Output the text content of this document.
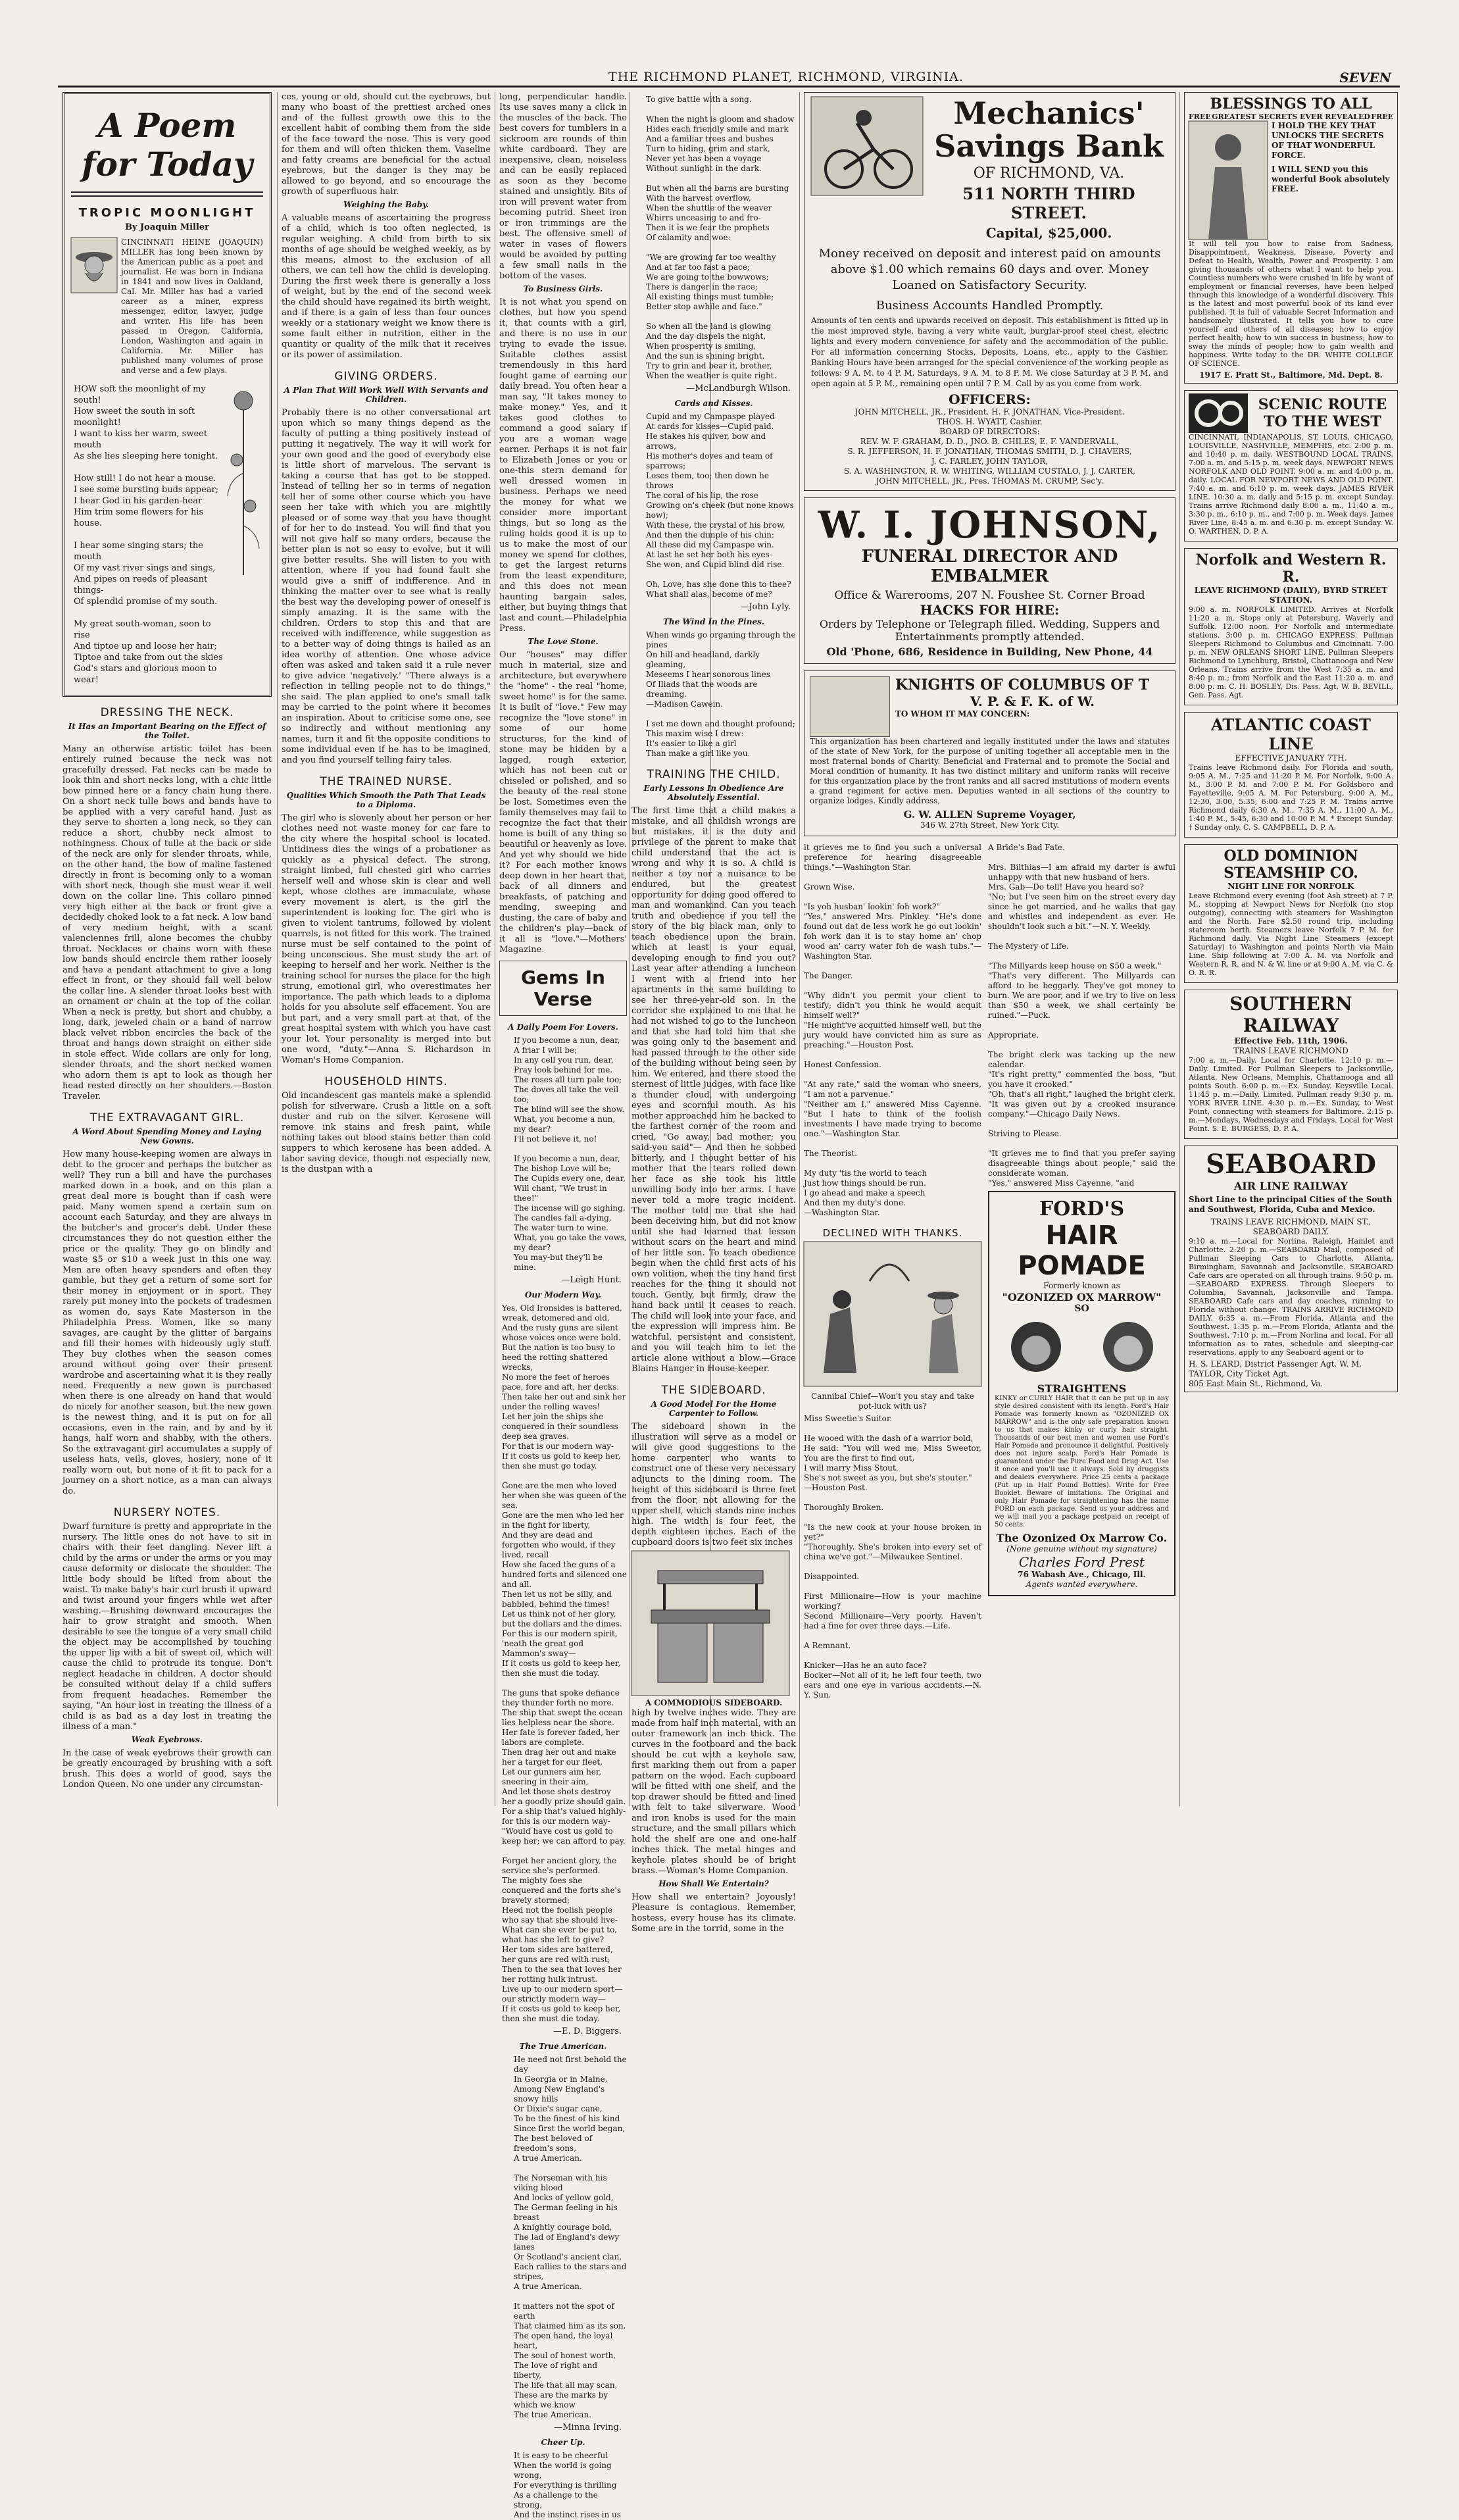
THE RICHMOND PLANET, RICHMOND, VIRGINIA.	SEVEN
A Poem for Today
TROPIC MOONLIGHT
By Joaquin Miller
CINCINNATI HEINE (JOAQUIN) MILLER has long been known by the American public as a poet and journalist. He was born in Indiana in 1841 and now lives in Oakland, Cal. Mr. Miller has had a varied career as a miner, express messenger, editor, lawyer, judge and writer. His life has been passed in Oregon, California, London, Washington and again in California. Mr. Miller has published many volumes of prose and verse and a few plays.
HOW soft the moonlight of my south!
How sweet the south in soft moonlight!
I want to kiss her warm, sweet mouth
As she lies sleeping here tonight.

How still! I do not hear a mouse.
I see some bursting buds appear;
I hear God in his garden-hear
Him trim some flowers for his house.

I hear some singing stars; the mouth
Of my vast river sings and sings,
And pipes on reeds of pleasant things-
Of splendid promise of my south.

My great south-woman, soon to rise
And tiptoe up and loose her hair;
Tiptoe and take from out the skies
God's stars and glorious moon to wear!
DRESSING THE NECK.
It Has an Important Bearing on the Effect of the Toilet.

Many an otherwise artistic toilet has been entirely ruined because the neck was not gracefully dressed. Fat necks can be made to look thin and short necks long, with a chic little bow pinned here or a fancy chain hung there. On a short neck tulle bows and bands have to be applied with a very careful hand. Just as they serve to shorten a long neck, so they can reduce a short, chubby neck almost to nothingness. Choux of tulle at the back or side of the neck are only for slender throats, while, on the other hand, the bow of maline fastened directly in front is becoming only to a woman with short neck, though she must wear it well down on the collar line. This collaro pinned very high either at the back or front give a decidedly choked look to a fat neck. A low band of very medium height, with a scant valenciennes frill, alone becomes the chubby throat. Necklaces or chains worn with these low bands should encircle them rather loosely and have a pendant attachment to give a long effect in front, or they should fall well below the collar line. A slender throat looks best with an ornament or chain at the top of the collar. When a neck is pretty, but short and chubby, a long, dark, jeweled chain or a band of narrow black velvet ribbon encircles the back of the throat and hangs down straight on either side in stole effect. Wide collars are only for long, slender throats, and the short necked women who adorn them is apt to look as though her head rested directly on her shoulders.—Boston Traveler.

THE EXTRAVAGANT GIRL.
A Word About Spending Money and Laying New Gowns.

How many house-keeping women are always in debt to the grocer and perhaps the butcher as well? They run a bill and have the purchases marked down in a book, and on this plan a great deal more is bought than if cash were paid. Many women spend a certain sum on account each Saturday, and they are always in the butcher's and grocer's debt. Under these circumstances they do not question either the price or the quality. They go on blindly and waste $5 or $10 a week just in this one way. Men are often heavy spenders and often they gamble, but they get a return of some sort for their money in enjoyment or in sport. They rarely put money into the pockets of tradesmen as women do, says Kate Masterson in the Philadelphia Press. Women, like so many savages, are caught by the glitter of bargains and fill their homes with hideously ugly stuff. They buy clothes when the season comes around without going over their present wardrobe and ascertaining what it is they really need. Frequently a new gown is purchased when there is one already on hand that would do nicely for another season, but the new gown is the newest thing, and it is put on for all occasions, even in the rain, and by and by it hangs, half worn and shabby, with the others. So the extravagant girl accumulates a supply of useless hats, veils, gloves, hosiery, none of it really worn out, but none of it fit to pack for a journey on a short notice, as a man can always do.

NURSERY NOTES.

Dwarf furniture is pretty and appropriate in the nursery. The little ones do not have to sit in chairs with their feet dangling. Never lift a child by the arms or under the arms or you may cause deformity or dislocate the shoulder. The little body should be lifted from about the waist. To make baby's hair curl brush it upward and twist around your fingers while wet after washing.—Brushing downward encourages the hair to grow straight and smooth. When desirable to see the tongue of a very small child the object may be accomplished by touching the upper lip with a bit of sweet oil, which will cause the child to protrude its tongue. Don't neglect headache in children. A doctor should be consulted without delay if a child suffers from frequent headaches. Remember the saying, "An hour lost in treating the illness of a child is as bad as a day lost in treating the illness of a man."

Weak Eyebrows.

In the case of weak eyebrows their growth can be greatly encouraged by brushing with a soft brush. This does a world of good, says the London Queen. No one under any circumstan-

ces, young or old, should cut the eyebrows, but many who boast of the prettiest arched ones and of the fullest growth owe this to the excellent habit of combing them from the side of the face toward the nose. This is very good for them and will often thicken them. Vaseline and fatty creams are beneficial for the actual eyebrows, but the danger is they may be allowed to go beyond, and so encourage the growth of superfluous hair.

Weighing the Baby.

A valuable means of ascertaining the progress of a child, which is too often neglected, is regular weighing. A child from birth to six months of age should be weighed weekly, as by this means, almost to the exclusion of all others, we can tell how the child is developing. During the first week there is generally a loss of weight, but by the end of the second week the child should have regained its birth weight, and if there is a gain of less than four ounces weekly or a stationary weight we know there is some fault either in nutrition, either in the quantity or quality of the milk that it receives or its power of assimilation.

GIVING ORDERS.
A Plan That Will Work Well With Servants and Children.

Probably there is no other conversational art upon which so many things depend as the faculty of putting a thing positively instead of putting it negatively. The way it will work for your own good and the good of everybody else is little short of marvelous. The servant is taking a course that has got to be stopped. Instead of telling her so in terms of negation tell her of some other course which you have seen her take with which you are mightily pleased or of some way that you have thought of for her to do instead. You will find that you will not give half so many orders, because the better plan is not so easy to evolve, but it will give better results. She will listen to you with attention, where if you had found fault she would give a sniff of indifference. And in thinking the matter over to see what is really the best way the developing power of oneself is simply amazing. It is the same with the children. Orders to stop this and that are received with indifference, while suggestion as to a better way of doing things is hailed as an idea worthy of attention. One whose advice often was asked and taken said it a rule never to give advice 'negatively.' "There always is a reflection in telling people not to do things," she said. The plan applied to one's small talk may be carried to the point where it becomes an inspiration. About to criticise some one, see so indirectly and without mentioning any names, turn it and fit the opposite conditions to some individual even if he has to be imagined, and you find yourself telling fairy tales.

THE TRAINED NURSE.
Qualities Which Smooth the Path That Leads to a Diploma.

The girl who is slovenly about her person or her clothes need not waste money for car fare to the city where the hospital school is located. Untidiness dies the wings of a probationer as quickly as a physical defect. The strong, straight limbed, full chested girl who carries herself well and whose skin is clear and well kept, whose clothes are immaculate, whose every movement is alert, is the girl the superintendent is looking for. The girl who is given to violent tantrums, followed by violent quarrels, is not fitted for this work. The trained nurse must be self contained to the point of being unconscious. She must study the art of keeping to herself and her work. Neither is the training school for nurses the place for the high strung, emotional girl, who overestimates her importance. The path which leads to a diploma holds for you absolute self effacement. You are but part, and a very small part at that, of the great hospital system with which you have cast your lot. Your personality is merged into but one word, "duty."—Anna S. Richardson in Woman's Home Companion.

HOUSEHOLD HINTS.

Old incandescent gas mantels make a splendid polish for silverware. Crush a little on a soft duster and rub on the silver. Kerosene will remove ink stains and fresh paint, while nothing takes out blood stains better than cold suppers to which kerosene has been added. A labor saving device, though not especially new, is the dustpan with a

long, perpendicular handle. Its use saves many a click in the muscles of the back. The best covers for tumblers in a sickroom are rounds of thin white cardboard. They are inexpensive, clean, noiseless and can be easily replaced as soon as they become stained and unsightly. Bits of iron will prevent water from becoming putrid. Sheet iron or iron trimmings are the best. The offensive smell of water in vases of flowers would be avoided by putting a few small nails in the bottom of the vases.

To Business Girls.

It is not what you spend on clothes, but how you spend it, that counts with a girl, and there is no use in our trying to evade the issue. Suitable clothes assist tremendously in this hard fought game of earning our daily bread. You often hear a man say, "It takes money to make money." Yes, and it takes good clothes to command a good salary if you are a woman wage earner. Perhaps it is not fair to Elizabeth Jones or you or one-this stern demand for well dressed women in business. Perhaps we need the money for what we consider more important things, but so long as the ruling holds good it is up to us to make the most of our money we spend for clothes, to get the largest returns from the least expenditure, and this does not mean haunting bargain sales, either, but buying things that last and count.—Philadelphia Press.

The Love Stone.

Our "houses" may differ much in material, size and architecture, but everywhere the "home" - the real "home, sweet home" is for the same. It is built of "love." Few may recognize the "love stone" in some of our home structures, for the kind of stone may be hidden by a lagged, rough exterior, which has not been cut or chiseled or polished, and so the beauty of the real stone be lost. Sometimes even the family themselves may fail to recognize the fact that their home is built of any thing so beautiful or heavenly as love. And yet why should we hide it? For each mother knows deep down in her heart that, back of all dinners and breakfasts, of patching and mending, sweeping and dusting, the care of baby and the children's play—back of it all is "love."—Mothers' Magazine.

Gems In Verse
A Daily Poem For Lovers.
If you become a nun, dear,
A friar I will be;
In any cell you run, dear,
Pray look behind for me.
The roses all turn pale too;
The doves all take the veil too;
The blind will see the show.
What, you become a nun, my dear?
I'll not believe it, no!

If you become a nun, dear,
The bishop Love will be;
The Cupids every one, dear,
Will chant, "We trust in thee!"
The incense will go sighing,
The candles fall a-dying,
The water turn to wine.
What, you go take the vows, my dear?
You may-but they'll be mine.
—Leigh Hunt.
Our Modern Way.
Yes, Old Ironsides is battered, wreak, detomered and old,
And the rusty guns are silent whose voices once were bold.
But the nation is too busy to heed the rotting shattered wrecks,
No more the feet of heroes pace, fore and aft, her decks.
Then take her out and sink her under the rolling waves!
Let her join the ships she conquered in their soundless deep sea graves.
For that is our modern way-
If it costs us gold to keep her, then she must go today.

Gone are the men who loved her when she was queen of the sea.
Gone are the men who led her in the fight for liberty,
And they are dead and forgotten who would, if they lived, recall
How she faced the guns of a hundred forts and silenced one and all.
Then let us not be silly, and babbled, behind the times!
Let us think not of her glory, but the dollars and the dimes.
For this is our modern spirit, 'neath the great god Mammon's sway—
If it costs us gold to keep her, then she must die today.

The guns that spoke defiance they thunder forth no more.
The ship that swept the ocean lies helpless near the shore.
Her fate is forever faded, her labors are complete.
Then drag her out and make her a target for our fleet,
Let our gunners aim her, sneering in their aim,
And let those shots destroy her a goodly prize should gain.
For a ship that's valued highly-for this is our modern way-
"Would have cost us gold to keep her; we can afford to pay.

Forget her ancient glory, the service she's performed.
The mighty foes she conquered and the forts she's bravely stormed;
Heed not the foolish people who say that she should live-
What can she ever be put to, what has she left to give?
Her tom sides are battered, her guns are red with rust;
Then to the sea that loves her her rotting hulk intrust.
Live up to our modern sport—our strictly modern way—
If it costs us gold to keep her, then she must die today.
—E. D. Biggers.
The True American.
He need not first behold the day
In Georgia or in Maine,
Among New England's snowy hills
Or Dixie's sugar cane,
To be the finest of his kind
Since first the world began,
The best beloved of freedom's sons,
A true American.

The Norseman with his viking blood
And locks of yellow gold,
The German feeling in his breast
A knightly courage bold,
The lad of England's dewy lanes
Or Scotland's ancient clan,
Each rallies to the stars and stripes,
A true American.

It matters not the spot of earth
That claimed him as its son.
The open hand, the loyal heart,
The soul of honest worth,
The love of right and liberty,
The life that all may scan,
These are the marks by which we know
The true American.
—Minna Irving.
Cheer Up.
It is easy to be cheerful
When the world is going wrong,
For everything is thrilling
As a challenge to the strong,
And the instinct rises in us
To give battle with a song.

When the night is gloom and shadow
Hides each friendly smile and mark
And a familiar trees and bushes
Turn to hiding, grim and stark,
Never yet has been a voyage
Without sunlight in the dark.

But when all the barns are bursting
With the harvest overflow,
When the shuttle of the weaver
Whirrs unceasing to and fro-
Then it is we fear the prophets
Of calamity and woe:

"We are growing far too wealthy
And at far too fast a pace;
We are going to the bowwows;
There is danger in the race;
All existing things must tumble;
Better stop awhile and face."

So when all the land is glowing
And the day dispels the night,
When prosperity is smiling,
And the sun is shining bright,
Try to grin and bear it, brother,
When the weather is quite right.
—McLandburgh Wilson.
Cards and Kisses.
Cupid and my Campaspe played
At cards for kisses—Cupid paid.
He stakes his quiver, bow and arrows,
His mother's doves and team of sparrows;
Loses them, too; then down he throws
The coral of his lip, the rose
Growing on's cheek (but none knows how);
With these, the crystal of his brow,
And then the dimple of his chin:
All these did my Campaspe win.
At last he set her both his eyes-
She won, and Cupid blind did rise.

Oh, Love, has she done this to thee?
What shall alas, become of me?
—John Lyly.
The Wind In the Pines.
When winds go organing through the pines
On hill and headland, darkly gleaming,
Meseems I hear sonorous lines
Of Iliads that the woods are dreaming.
—Madison Cawein.

I set me down and thought profound;
This maxim wise I drew:
It's easier to like a girl
Than make a girl like you.
TRAINING THE CHILD.
Early Lessons In Obedience Are Absolutely Essential.

The first time that a child makes a mistake, and all childish wrongs are but mistakes, it is the duty and privilege of the parent to make that child understand that the act is wrong and why it is so. A child is neither a toy nor a nuisance to be endured, but the greatest opportunity for doing good offered to man and womankind. Can you teach truth and obedience if you tell the story of the big black man, only to teach obedience upon the brain, which at least is your equal, developing enough to find you out? Last year after attending a luncheon I went with a friend into her apartments in the same building to see her three-year-old son. In the corridor she explained to me that he had not wished to go to the luncheon and that she had told him that she was going only to the basement and had passed through to the other side of the building without being seen by him. We entered, and there stood the sternest of little judges, with face like a thunder cloud, with undergoing eyes and scornful mouth. As his mother approached him he backed to the farthest corner of the room and cried, "Go away, bad mother; you said-you said"— And then he sobbed bitterly, and I thought better of his mother that the tears rolled down her face as she took his little unwilling body into her arms. I have never told a more tragic incident. The mother told me that she had been deceiving him, but did not know until she had learned that lesson without scars on the heart and mind of her little son. To teach obedience begin when the child first acts of his own volition, when the tiny hand first reaches for the thing it should not touch. Gently, but firmly, draw the hand back until it ceases to reach. The child will look into your face, and the expression will impress him. Be watchful, persistent and consistent, and you will teach him to let the article alone without a blow.—Grace Blains Hanger in House-keeper.

THE SIDEBOARD.
A Good Model For the Home Carpenter to Follow.

The sideboard shown in the illustration will serve as a model or will give good suggestions to the home carpenter who wants to construct one of these very necessary adjuncts to the dining room. The height of this sideboard is three feet from the floor, not allowing for the upper shelf, which stands nine inches high. The width is four feet, the depth eighteen inches. Each of the cupboard doors is two feet six inches

A COMMODIOUS SIDEBOARD.

high by twelve inches wide. They are made from half inch material, with an outer framework an inch thick. The curves in the footboard and the back should be cut with a keyhole saw, first marking them out from a paper pattern on the wood. Each cupboard will be fitted with one shelf, and the top drawer should be fitted and lined with felt to take silverware. Wood and iron knobs is used for the main structure, and the small pillars which hold the shelf are one and one-half inches thick. The metal hinges and keyhole plates should be of bright brass.—Woman's Home Companion.

How Shall We Entertain?

How shall we entertain? Joyously! Pleasure is contagious. Remember, hostess, every house has its climate. Some are in the torrid, some in the

Mechanics' Savings Bank
OF RICHMOND, VA.
511 NORTH THIRD STREET.
Capital, $25,000.

Money received on deposit and interest paid on amounts above $1.00 which remains 60 days and over. Money Loaned on Satisfactory Security.

Business Accounts Handled Promptly.

Amounts of ten cents and upwards received on deposit. This establishment is fitted up in the most improved style, having a very white vault, burglar-proof steel chest, electric lights and every modern convenience for safety and the accommodation of the public. For all information concerning Stocks, Deposits, Loans, etc., apply to the Cashier. Banking Hours have been arranged for the special convenience of the working people as follows: 9 A. M. to 4 P. M. Saturdays, 9 A. M. to 8 P. M. We close Saturday at 3 P. M. and open again at 5 P. M., remaining open until 7 P. M. Call by as you come from work.

OFFICERS:
JOHN MITCHELL, JR., President. H. F. JONATHAN, Vice-President.
THOS. H. WYATT, Cashier.
BOARD OF DIRECTORS:
REV. W. F. GRAHAM, D. D., JNO. B. CHILES, E. F. VANDERVALL,
S. R. JEFFERSON, H. F. JONATHAN, THOMAS SMITH, D. J. CHAVERS,
J. C. FARLEY, JOHN TAYLOR,
S. A. WASHINGTON, R. W. WHITING, WILLIAM CUSTALO, J. J. CARTER,
JOHN MITCHELL, JR., Pres. THOMAS M. CRUMP, Sec'y.
W. I. JOHNSON,
FUNERAL DIRECTOR AND EMBALMER
Office & Warerooms, 207 N. Foushee St. Corner Broad
HACKS FOR HIRE:
Orders by Telephone or Telegraph filled. Wedding, Suppers and Entertainments promptly attended.
Old 'Phone, 686, Residence in Building, New Phone, 44
KNIGHTS OF COLUMBUS OF T
V. P. & F. K. of W.
TO WHOM IT MAY CONCERN:

This organization has been chartered and legally instituted under the laws and statutes of the state of New York, for the purpose of uniting together all acceptable men in the most fraternal bonds of Charity. Beneficial and Fraternal and to promote the Social and Moral condition of humanity. It has two distinct military and uniform ranks will receive for this organization place by the front ranks and all sacred institutions of modern events a grand regiment for active men. Deputies wanted in all sections of the country to organize lodges. Kindly address,

G. W. ALLEN Supreme Voyager,
346 W. 27th Street, New York City.
it grieves me to find you such a universal preference for hearing disagreeable things."—Washington Star.

Grown Wise.

"Is yoh husban' lookin' foh work?"
"Yes," answered Mrs. Pinkley. "He's done found out dat de less work he go out lookin' foh work dan it is to stay home an' chop wood an' carry water foh de wash tubs."—Washington Star.

The Danger.

"Why didn't you permit your client to testify; didn't you think he would acquit himself well?"
"He might've acquitted himself well, but the jury would have convicted him as sure as preaching."—Houston Post.

Honest Confession.

"At any rate," said the woman who sneers, "I am not a parvenue."
"Neither am I," answered Miss Cayenne. "But I hate to think of the foolish investments I have made trying to become one."—Washington Star.

The Theorist.

My duty 'tis the world to teach
Just how things should be run.
I go ahead and make a speech
And then my duty's done.
—Washington Star.
DECLINED WITH THANKS.

Cannibal Chief—Won't you stay and take pot-luck with us?

Miss Sweetie's Suitor.

He wooed with the dash of a warrior bold,
He said: "You will wed me, Miss Sweetor, You are the first to find out,
I will marry Miss Stout.
She's not sweet as you, but she's stouter."
—Houston Post.

Thoroughly Broken.

"Is the new cook at your house broken in yet?"
"Thoroughly. She's broken into every set of china we've got."—Milwaukee Sentinel.

Disappointed.

First Millionaire—How is your machine working?
Second Millionaire—Very poorly. Haven't had a fine for over three days.—Life.

A Remnant.

Knicker—Has he an auto face?
Bocker—Not all of it; he left four teeth, two ears and one eye in various accidents.—N. Y. Sun.
A Bride's Bad Fate.

Mrs. Bilthias—I am afraid my darter is awful unhappy with that new husband of hers.
Mrs. Gab—Do tell! Have you heard so?
"No; but I've seen him on the street every day since he got married, and he walks that gay and whistles and independent as ever. He shouldn't look such a bit."—N. Y. Weekly.

The Mystery of Life.

"The Millyards keep house on $50 a week."
"That's very different. The Millyards can afford to be beggarly. They've got money to burn. We are poor, and if we try to live on less than $50 a week, we shall certainly be ruined."—Puck.

Appropriate.

The bright clerk was tacking up the new calendar.
"It's right pretty," commented the boss, "but you have it crooked."
"Oh, that's all right," laughed the bright clerk. "It was given out by a crooked insurance company."—Chicago Daily News.

Striving to Please.

"It grieves me to find that you prefer saying disagreeable things about people," said the considerate woman.
"Yes," answered Miss Cayenne, "and
FORD'S
HAIR POMADE
Formerly known as
"OZONIZED OX MARROW"
SO
STRAIGHTENS

KINKY or CURLY HAIR that it can be put up in any style desired consistent with its length. Ford's Hair Pomade was formerly known as "OZONIZED OX MARROW" and is the only safe preparation known to us that makes kinky or curly hair straight. Thousands of our best men and women use Ford's Hair Pomade and pronounce it delightful. Positively does not injure scalp. Ford's Hair Pomade is guaranteed under the Pure Food and Drug Act. Use it once and you'll use it always. Sold by druggists and dealers everywhere. Price 25 cents a package (Put up in Half Pound Bottles). Write for Free Booklet. Beware of imitations. The Original and only Hair Pomade for straightening has the name FORD on each package. Send us your address and we will mail you a package postpaid on receipt of 50 cents.

The Ozonized Ox Marrow Co.
(None genuine without my signature)
Charles Ford Prest
76 Wabash Ave., Chicago, Ill.
Agents wanted everywhere.
BLESSINGS TO ALL
FREE GREATEST SECRETS EVER REVEALED FREE
I HOLD THE KEY THAT UNLOCKS THE SECRETS OF THAT WONDERFUL FORCE.
I WILL SEND you this wonderful Book absolutely FREE.

It will tell you how to raise from Sadness, Disappointment, Weakness, Disease, Poverty and Defeat to Health, Wealth, Power and Prosperity. I am giving thousands of others what I want to help you. Countless numbers who were crushed in life by want of employment or financial reverses, have been helped through this knowledge of a wonderful discovery. This is the latest and most powerful book of its kind ever published. It is full of valuable Secret Information and handsomely illustrated. It tells you how to cure yourself and others of all diseases; how to enjoy perfect health; how to win success in business; how to sway the minds of people; how to gain wealth and happiness. Write today to the DR. WHITE COLLEGE OF SCIENCE.

1917 E. Pratt St., Baltimore, Md. Dept. 8.
SCENIC ROUTE
TO THE WEST

CINCINNATI, INDIANAPOLIS, ST. LOUIS, CHICAGO, LOUISVILLE, NASHVILLE, MEMPHIS, etc. 2:00 p. m. and 10:40 p. m. daily. WESTBOUND LOCAL TRAINS. 7:00 a. m. and 5:15 p. m. week days. NEWPORT NEWS NORFOLK AND OLD POINT. 9:00 a. m. and 4:00 p. m. daily. LOCAL FOR NEWPORT NEWS AND OLD POINT. 7:40 a. m. and 6:10 p. m. week days. JAMES RIVER LINE. 10:30 a. m. daily and 5:15 p. m. except Sunday. Trains arrive Richmond daily 8:00 a. m., 11:40 a. m., 3:30 p. m., 6:10 p. m., and 7:00 p. m. Week days. James River Line, 8:45 a. m. and 6:30 p. m. except Sunday. W. O. WARTHEN, D. P. A.

Norfolk and Western R. R.
LEAVE RICHMOND (DAILY), BYRD STREET STATION.

9:00 a. m. NORFOLK LIMITED. Arrives at Norfolk 11:20 a. m. Stops only at Petersburg, Waverly and Suffolk. 12:00 noon. For Norfolk and intermediate stations. 3:00 p. m. CHICAGO EXPRESS. Pullman Sleepers Richmond to Columbus and Cincinnati. 7:00 p. m. NEW ORLEANS SHORT LINE. Pullman Sleepers Richmond to Lynchburg, Bristol, Chattanooga and New Orleans. Trains arrive from the West 7:35 a. m. and 8:40 p. m.; from Norfolk and the East 11:20 a. m. and 8:00 p. m. C. H. BOSLEY, Dis. Pass. Agt. W. B. BEVILL, Gen. Pass. Agt.

ATLANTIC COAST LINE
EFFECTIVE JANUARY 7TH.

Trains leave Richmond daily. For Florida and south, 9:05 A. M., 7:25 and 11:20 P. M. For Norfolk, 9:00 A. M., 3:00 P. M. and 7:00 P. M. For Goldsboro and Fayetteville, 9:05 A. M. For Petersburg, 9:00 A. M., 12:30, 3:00, 5:35, 6:00 and 7:25 P. M. Trains arrive Richmond daily 6:30 A. M., 7:35 A. M., 11:00 A. M., 1:40 P. M., 5:45, 6:30 and 10:00 P. M. * Except Sunday. † Sunday only. C. S. CAMPBELL, D. P. A.

OLD DOMINION STEAMSHIP CO.
NIGHT LINE FOR NORFOLK

Leave Richmond every evening (foot Ash street) at 7 P. M., stopping at Newport News for Norfolk (no stop outgoing), connecting with steamers for Washington and the North. Fare $2.50 round trip, including stateroom berth. Steamers leave Norfolk 7 P. M. for Richmond daily. Via Night Line Steamers (except Saturday) to Washington and points North via Main Line. Ship following at 7:00 A. M. via Norfolk and Western R. R. and N. & W. line or at 9:00 A. M. via C. & O. R. R.

SOUTHERN RAILWAY
Effective Feb. 11th, 1906.
TRAINS LEAVE RICHMOND

7:00 a. m.—Daily. Local for Charlotte. 12:10 p. m.—Daily. Limited. For Pullman Sleepers to Jacksonville, Atlanta, New Orleans, Memphis, Chattanooga and all points South. 6:00 p. m.—Ex. Sunday. Keysville Local. 11:45 p. m.—Daily. Limited. Pullman ready 9:30 p. m. YORK RIVER LINE. 4:30 p. m.—Ex. Sunday, to West Point, connecting with steamers for Baltimore. 2:15 p. m.—Mondays, Wednesdays and Fridays. Local for West Point. S. E. BURGESS, D. P. A.

SEABOARD
AIR LINE RAILWAY

Short Line to the principal Cities of the South and Southwest, Florida, Cuba and Mexico.

TRAINS LEAVE RICHMOND, MAIN ST., SEABOARD DAILY.

9:10 a. m.—Local for Norlina, Raleigh, Hamlet and Charlotte. 2:20 p. m.—SEABOARD Mail, composed of Pullman Sleeping Cars to Charlotte, Atlanta, Birmingham, Savannah and Jacksonville. SEABOARD Cafe cars are operated on all through trains. 9:50 p. m.—SEABOARD EXPRESS. Through Sleepers to Columbia, Savannah, Jacksonville and Tampa. SEABOARD Cafe cars and day coaches, running to Florida without change. TRAINS ARRIVE RICHMOND DAILY. 6:35 a. m.—From Florida, Atlanta and the Southwest. 1:35 p. m.—From Florida, Atlanta and the Southwest. 7:10 p. m.—From Norlina and local. For all information as to rates, schedule and sleeping-car reservations, apply to any Seaboard agent or to

H. S. LEARD, District Passenger Agt. W. M. TAYLOR, City Ticket Agt.
805 East Main St., Richmond, Va.
